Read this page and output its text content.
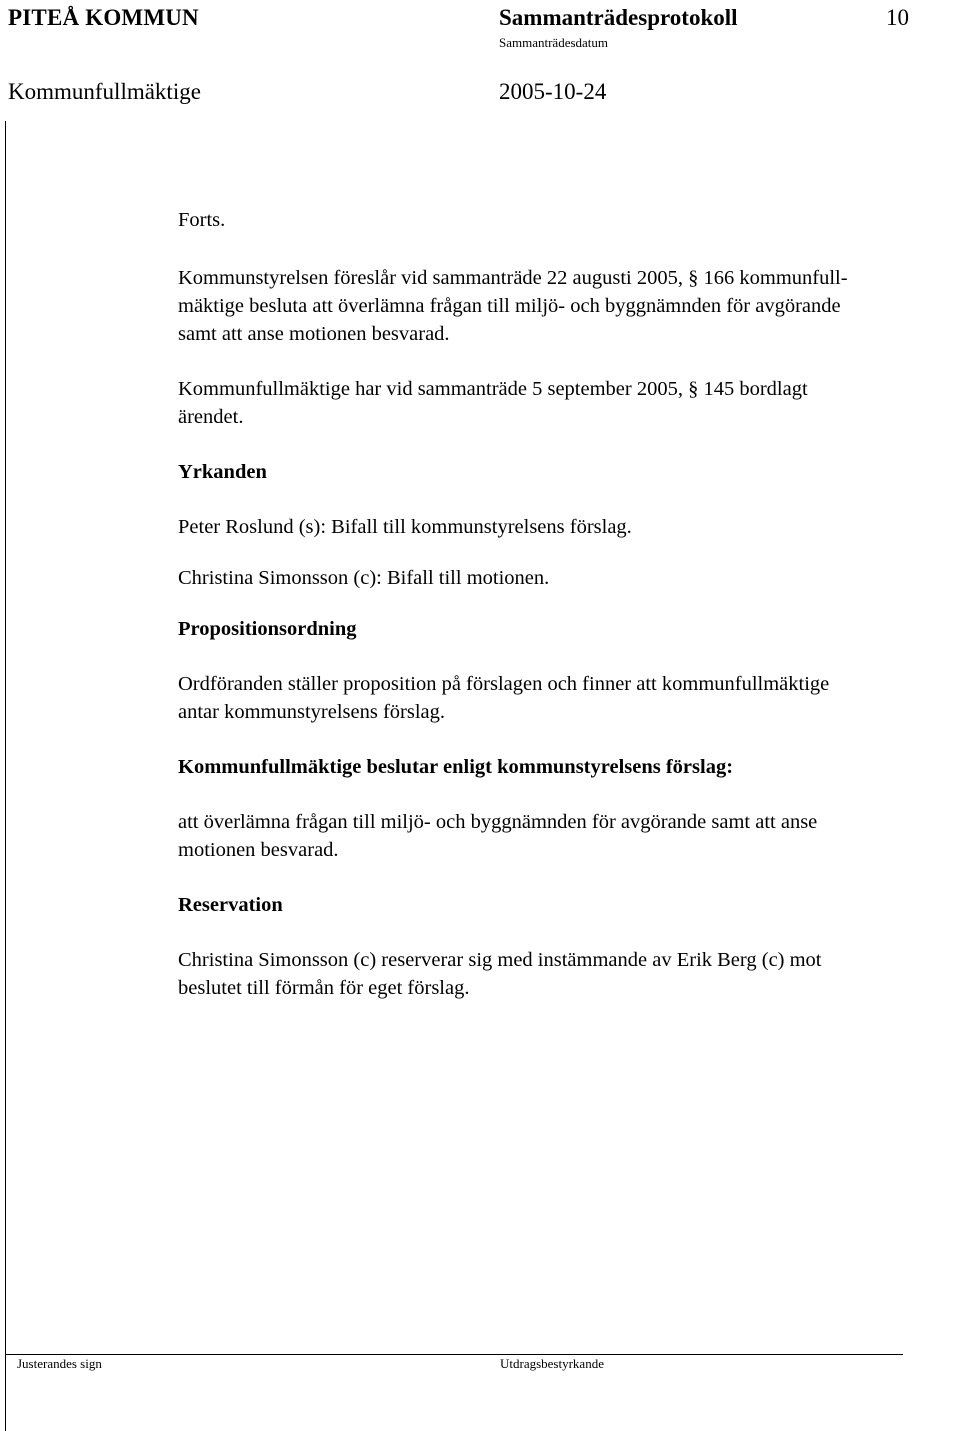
PITEÅ KOMMUN	Sammanträdesprotokoll	10
Sammanträdesdatum
Kommunfullmäktige	2005-10-24

Forts.

Kommunstyrelsen föreslår vid sammanträde 22 augusti 2005, § 166 kommunfull-

mäktige besluta att överlämna frågan till miljö- och byggnämnden för avgörande

samt att anse motionen besvarad.

Kommunfullmäktige har vid sammanträde 5 september 2005, § 145 bordlagt

ärendet.

Yrkanden

Peter Roslund (s): Bifall till kommunstyrelsens förslag.

Christina Simonsson (c): Bifall till motionen.

Propositionsordning

Ordföranden ställer proposition på förslagen och finner att kommunfullmäktige

antar kommunstyrelsens förslag.

Kommunfullmäktige beslutar enligt kommunstyrelsens förslag:

att överlämna frågan till miljö- och byggnämnden för avgörande samt att anse

motionen besvarad.

Reservation

Christina Simonsson (c) reserverar sig med instämmande av Erik Berg (c) mot

beslutet till förmån för eget förslag.

Justerandes sign	Utdragsbestyrkande
